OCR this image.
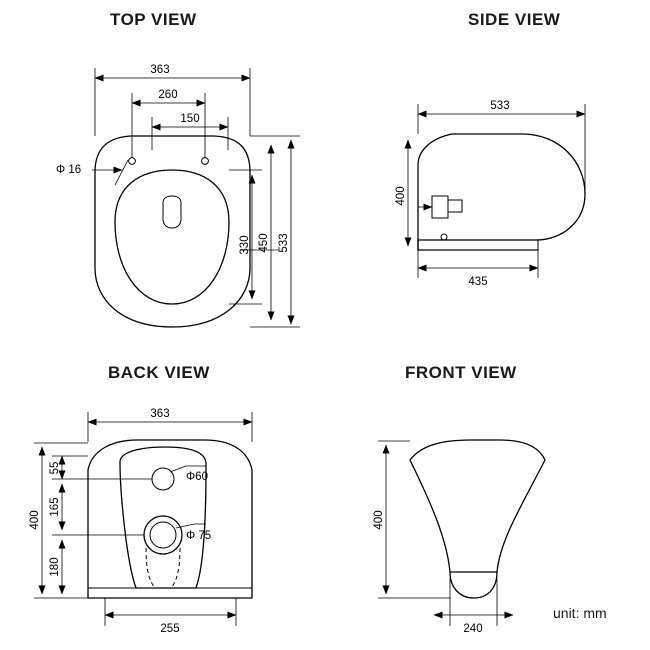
TOP VIEW	SIDE VIEW
BACK VIEW	FRONT VIEW
unit: mm
363
260
150
Φ 16
330 450 533
533
400
435
363
55
165
180
400
Φ60
Φ 75
255
400
240
